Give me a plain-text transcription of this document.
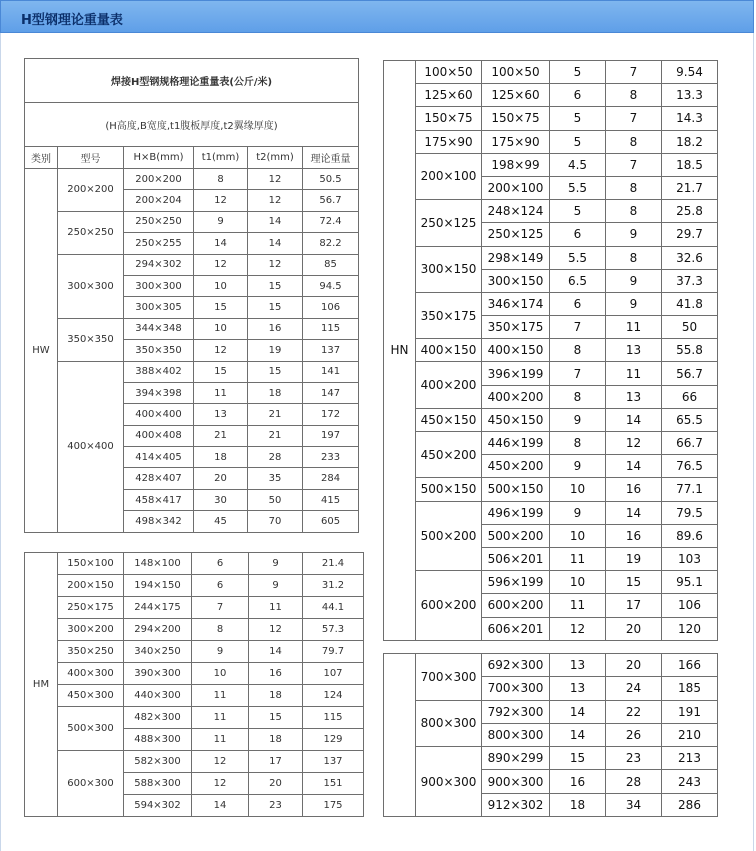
H型钢理论重量表
焊接H型钢规格理论重量表(公斤/米)					
(H高度,B宽度,t1腹板厚度,t2翼缘厚度)					
类别	型号	H×B(mm)	t1(mm)	t2(mm)	理论重量
HW	200×200	200×200	8	12	50.5
		200×204	12	12	56.7
	250×250	250×250	9	14	72.4
		250×255	14	14	82.2
	300×300	294×302	12	12	85
		300×300	10	15	94.5
		300×305	15	15	106
	350×350	344×348	10	16	115
		350×350	12	19	137
	400×400	388×402	15	15	141
		394×398	11	18	147
		400×400	13	21	172
		400×408	21	21	197
		414×405	18	28	233
		428×407	20	35	284
		458×417	30	50	415
		498×342	45	70	605
HM	150×100	148×100	6	9	21.4
	200×150	194×150	6	9	31.2
	250×175	244×175	7	11	44.1
	300×200	294×200	8	12	57.3
	350×250	340×250	9	14	79.7
	400×300	390×300	10	16	107
	450×300	440×300	11	18	124
	500×300	482×300	11	15	115
		488×300	11	18	129
	600×300	582×300	12	17	137
		588×300	12	20	151
		594×302	14	23	175
HN	100×50	100×50	5	7	9.54
	125×60	125×60	6	8	13.3
	150×75	150×75	5	7	14.3
	175×90	175×90	5	8	18.2
	200×100	198×99	4.5	7	18.5
		200×100	5.5	8	21.7
	250×125	248×124	5	8	25.8
		250×125	6	9	29.7
	300×150	298×149	5.5	8	32.6
		300×150	6.5	9	37.3
	350×175	346×174	6	9	41.8
		350×175	7	11	50
	400×150	400×150	8	13	55.8
	400×200	396×199	7	11	56.7
		400×200	8	13	66
	450×150	450×150	9	14	65.5
	450×200	446×199	8	12	66.7
		450×200	9	14	76.5
	500×150	500×150	10	16	77.1
	500×200	496×199	9	14	79.5
		500×200	10	16	89.6
		506×201	11	19	103
	600×200	596×199	10	15	95.1
		600×200	11	17	106
		606×201	12	20	120
	700×300	692×300	13	20	166
		700×300	13	24	185
	800×300	792×300	14	22	191
		800×300	14	26	210
	900×300	890×299	15	23	213
		900×300	16	28	243
		912×302	18	34	286
